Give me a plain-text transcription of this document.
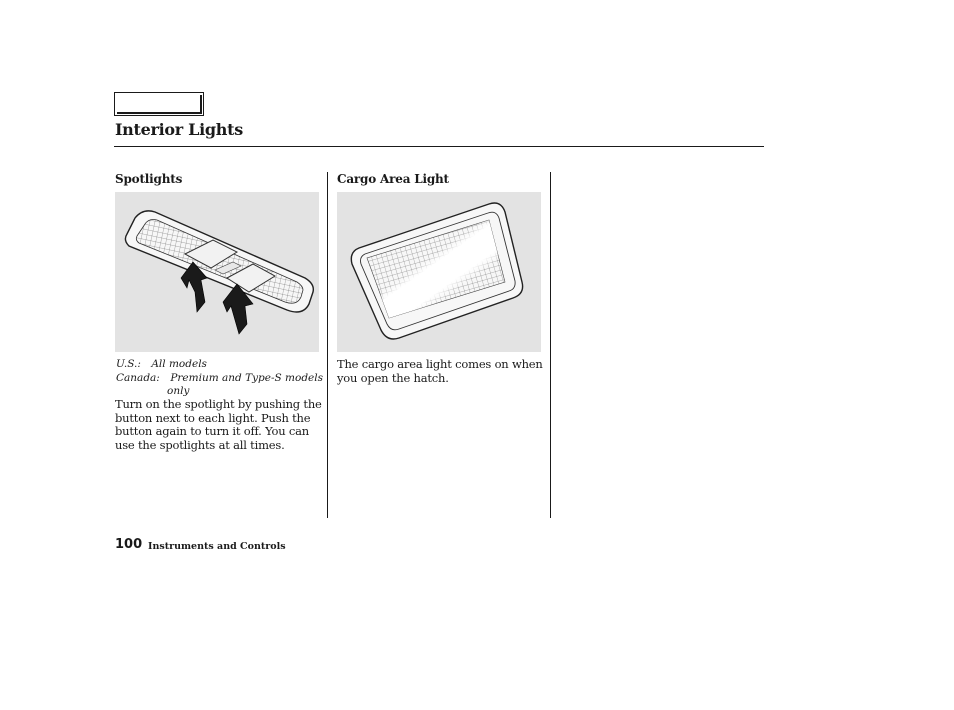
Interior Lights
Spotlights
U.S.: All models
Canada: Premium and Type-S models
only
Turn on the spotlight by pushing the
button next to each light. Push the
button again to turn it off. You can
use the spotlights at all times.
Cargo Area Light
The cargo area light comes on when
you open the hatch.
100 Instruments and Controls
